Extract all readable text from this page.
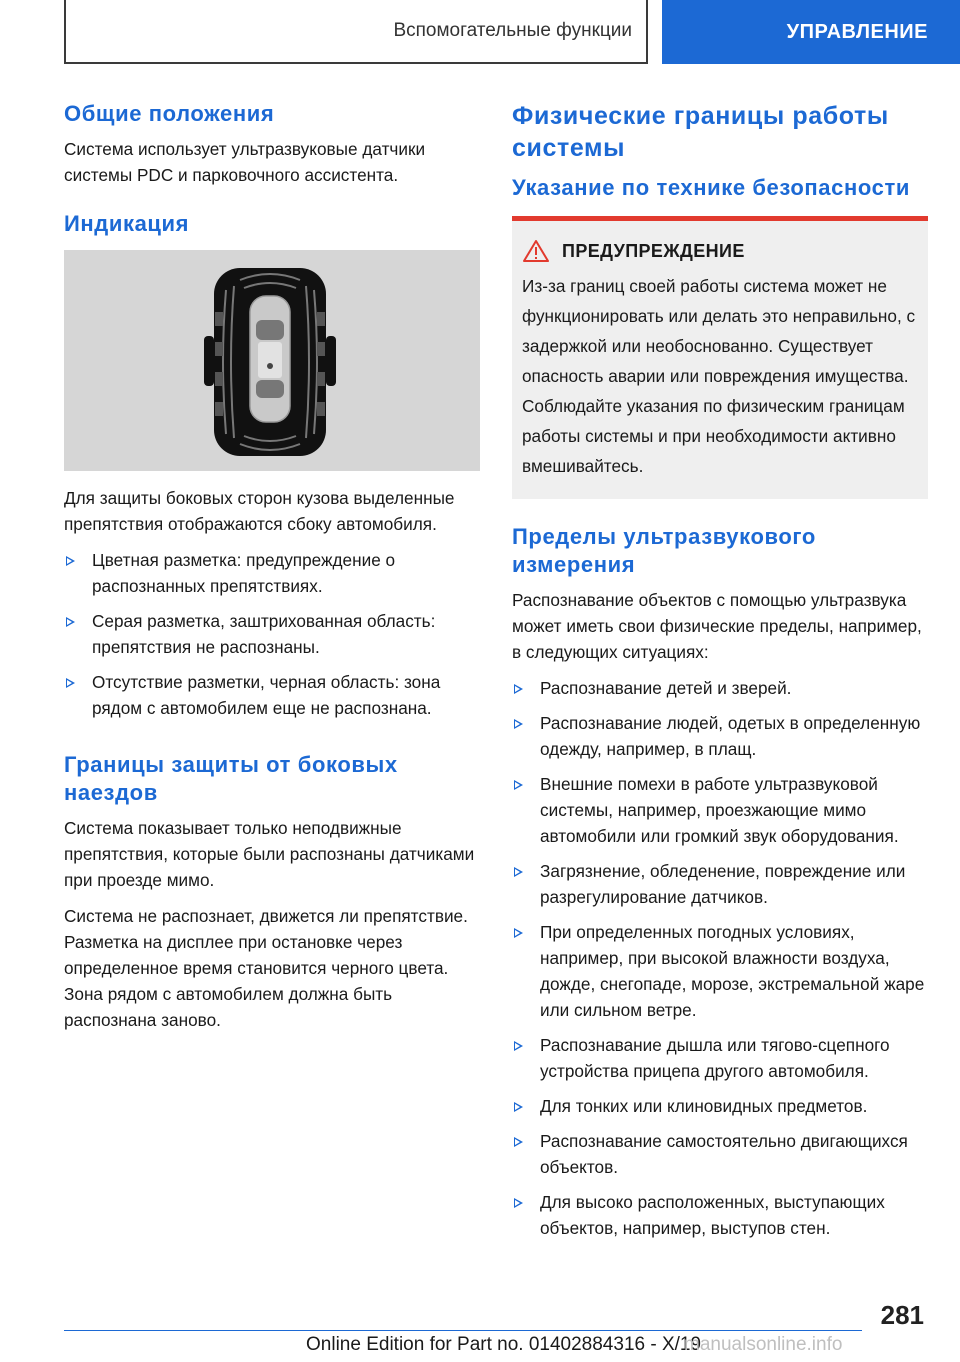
Вспомогательные функции	УПРАВЛЕНИЕ
Общие положения

Система использует ультразвуковые датчики системы PDC и парковочного ассистента.

Индикация

Для защиты боковых сторон кузова выделенные препятствия отображаются сбоку автомобиля.

Цветная разметка: предупреждение о распознанных препятствиях.
Серая разметка, заштрихованная область: препятствия не распознаны.
Отсутствие разметки, черная область: зона рядом с автомобилем еще не распознана.
Границы защиты от боковых наездов

Система показывает только неподвижные препятствия, которые были распознаны датчиками при проезде мимо.

Система не распознает, движется ли препятствие. Разметка на дисплее при остановке через определенное время становится черного цвета. Зона рядом с автомобилем должна быть распознана заново.

Физические границы работы системы
Указание по технике безопасности
ПРЕДУПРЕЖДЕНИЕ

Из-за границ своей работы система может не функционировать или делать это неправильно, с задержкой или необоснованно. Существует опасность аварии или повреждения имущества. Соблюдайте указания по физическим границам работы системы и при необходимости активно вмешивайтесь.

Пределы ультразвукового измерения

Распознавание объектов с помощью ультразвука может иметь свои физические пределы, например, в следующих ситуациях:

Распознавание детей и зверей.
Распознавание людей, одетых в определенную одежду, например, в плащ.
Внешние помехи в работе ультразвуковой системы, например, проезжающие мимо автомобили или громкий звук оборудования.
Загрязнение, обледенение, повреждение или разрегулирование датчиков.
При определенных погодных условиях, например, при высокой влажности воздуха, дожде, снегопаде, морозе, экстремальной жаре или сильном ветре.
Распознавание дышла или тягово-сцепного устройства прицепа другого автомобиля.
Для тонких или клиновидных предметов.
Распознавание самостоятельно двигающихся объектов.
Для высоко расположенных, выступающих объектов, например, выступов стен.
281
Online Edition for Part no. 01402884316 - X/19
manualsonline.info
